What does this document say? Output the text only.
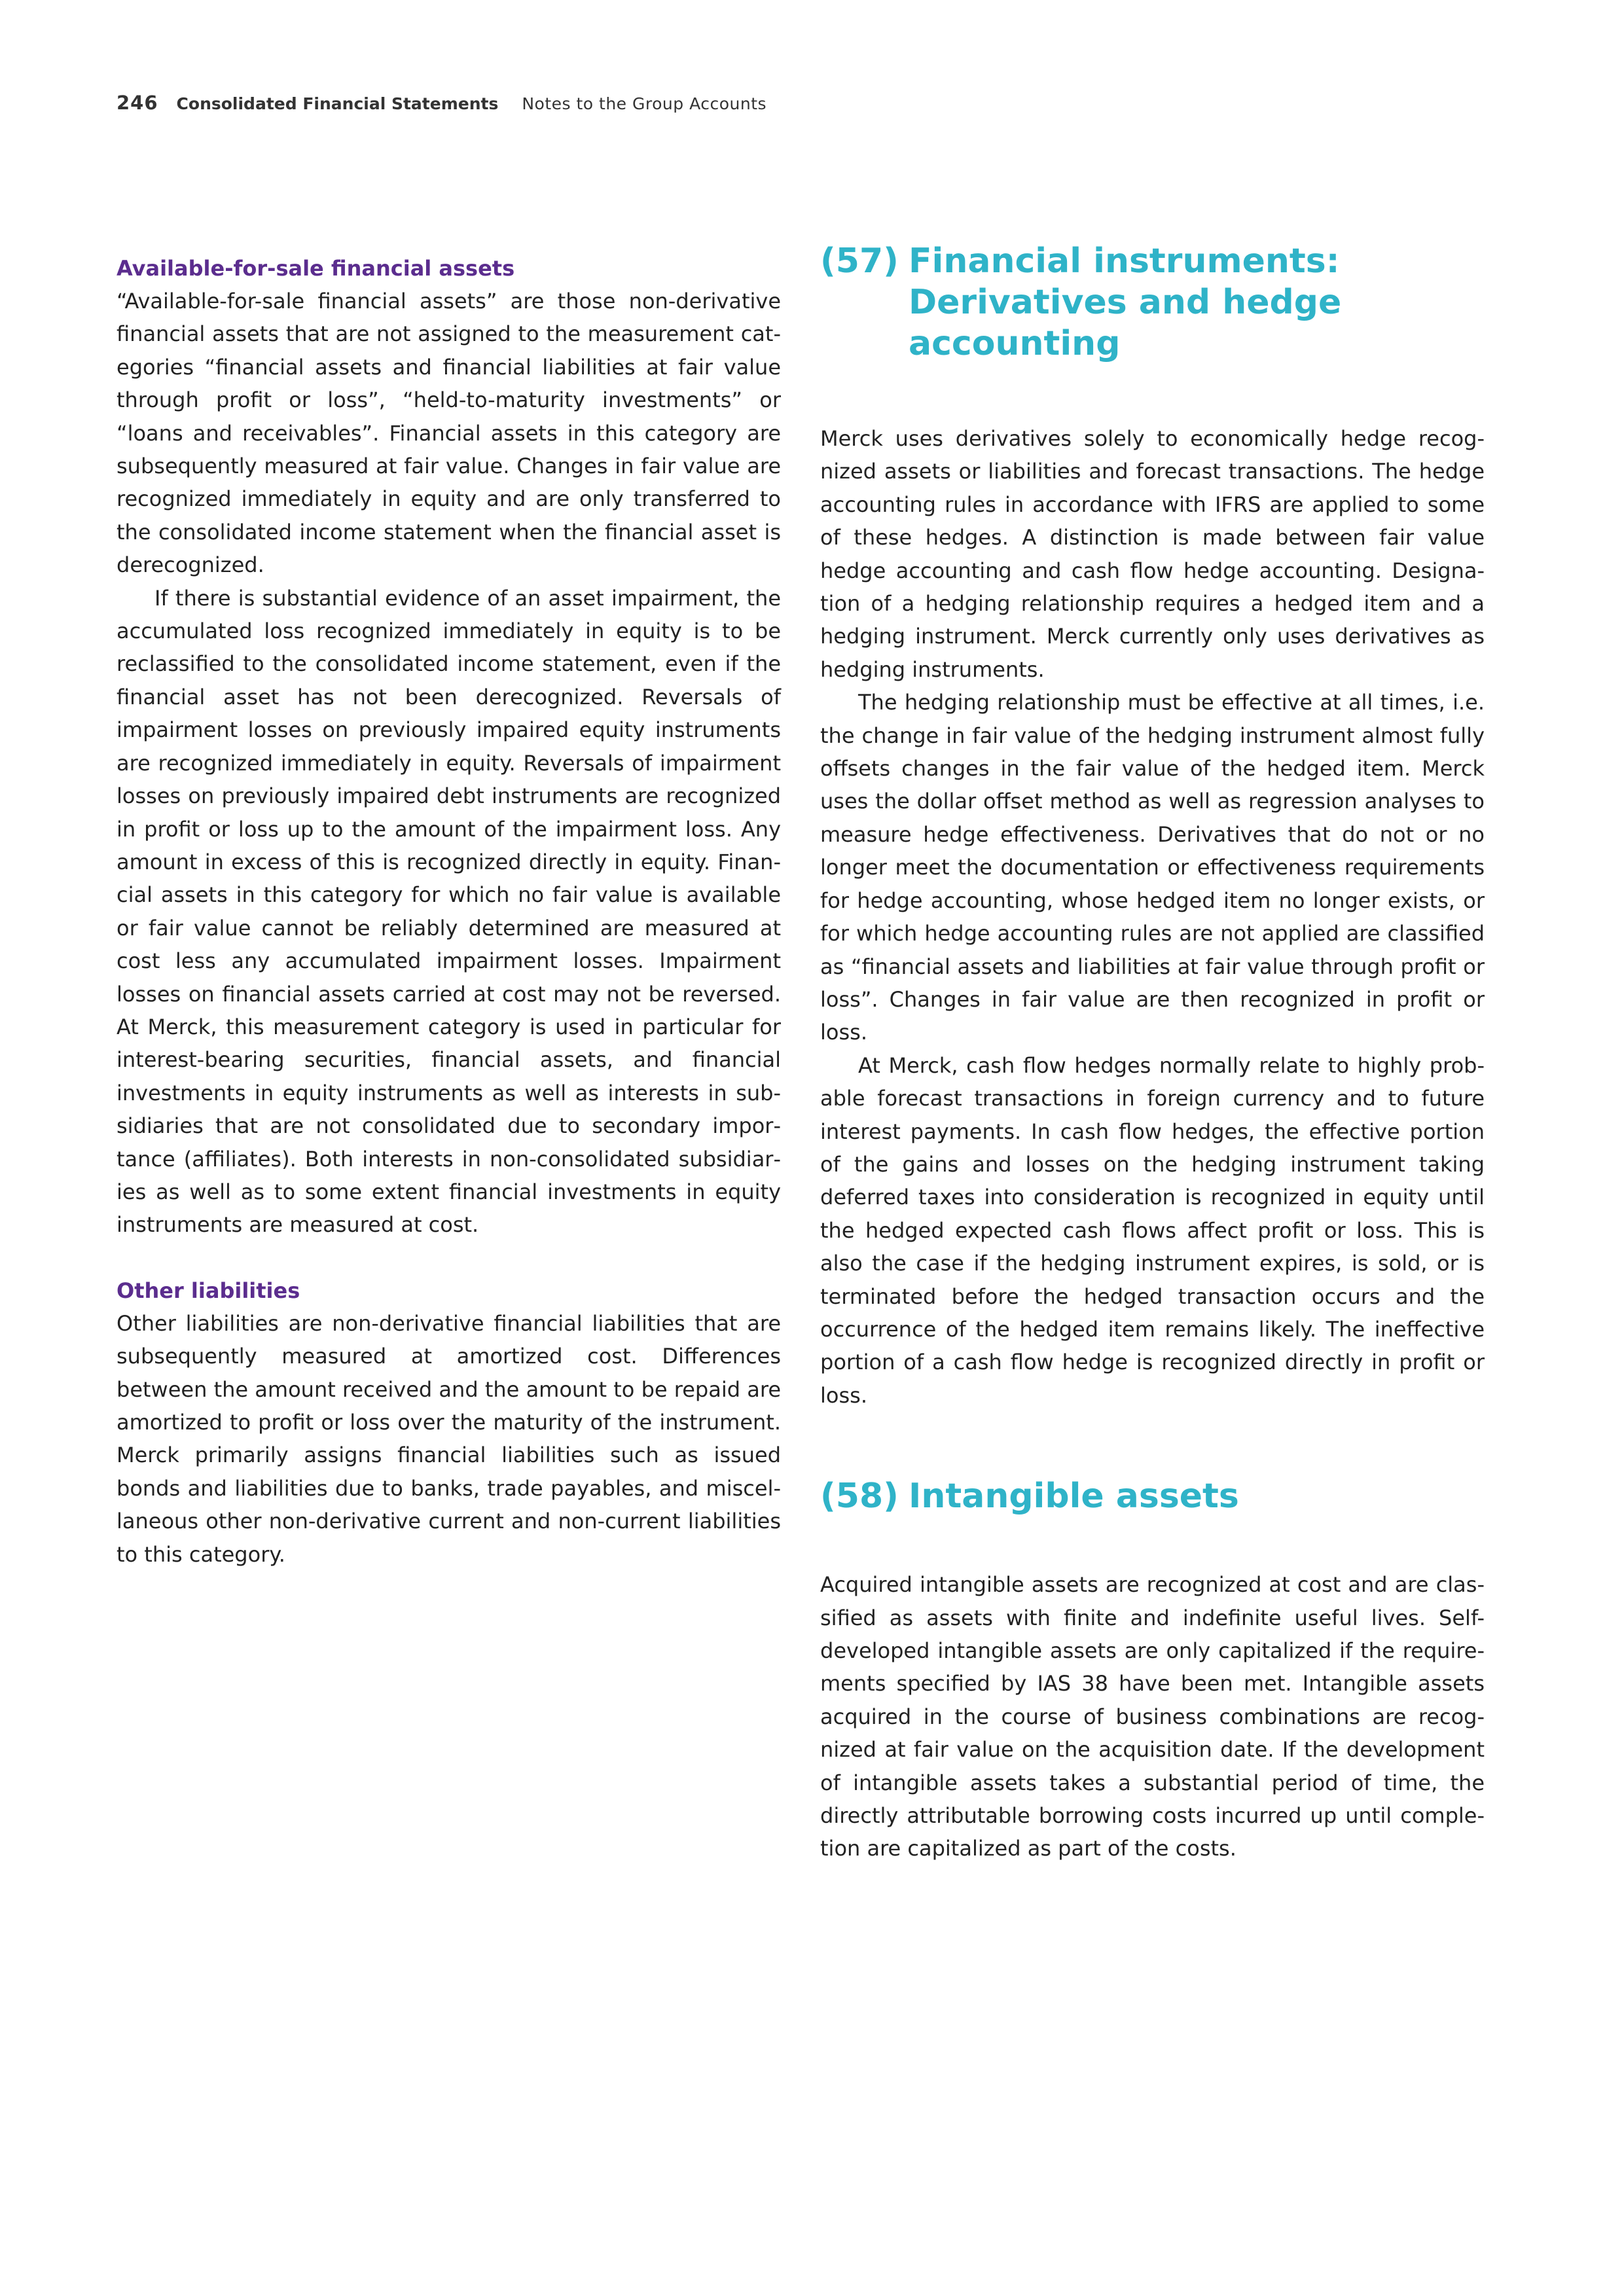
246 Consolidated Financial Statements Notes to the Group Accounts
Available-for-sale financial assets

“Available-for-sale financial assets” are those non-derivative financial assets that are not assigned to the measurement categories “financial assets and financial liabilities at fair value through profit or loss”, “held-to-maturity investments” or “loans and receivables”. Financial assets in this category are subsequently measured at fair value. Changes in fair value are recognized immediately in equity and are only transferred to the consolidated income statement when the financial asset is derecognized.

If there is substantial evidence of an asset impairment, the accumulated loss recognized immediately in equity is to be reclassified to the consolidated income statement, even if the financial asset has not been derecognized. Reversals of impairment losses on previously impaired equity instruments are recognized immediately in equity. Reversals of impairment losses on previously impaired debt instruments are recognized in profit or loss up to the amount of the impairment loss. Any amount in excess of this is recognized directly in equity. Financial assets in this category for which no fair value is available or fair value cannot be reliably determined are measured at cost less any accumulated impairment losses. Impairment losses on financial assets carried at cost may not be reversed. At Merck, this measurement category is used in particular for interest-bearing securities, financial assets, and financial investments in equity instruments as well as interests in subsidiaries that are not consolidated due to secondary importance (affiliates). Both interests in non-consolidated subsidiaries as well as to some extent financial investments in equity instruments are measured at cost.

Other liabilities

Other liabilities are non-derivative financial liabilities that are subsequently measured at amortized cost. Differences between the amount received and the amount to be repaid are amortized to profit or loss over the maturity of the instrument. Merck primarily assigns financial liabilities such as issued bonds and liabilities due to banks, trade payables, and miscellaneous other non-derivative current and non-current liabilities to this category.

(57) Financial instruments:
Derivatives and hedge
accounting

Merck uses derivatives solely to economically hedge recognized assets or liabilities and forecast transactions. The hedge accounting rules in accordance with IFRS are applied to some of these hedges. A distinction is made between fair value hedge accounting and cash flow hedge accounting. Designation of a hedging relationship requires a hedged item and a hedging instrument. Merck currently only uses derivatives as hedging instruments.

The hedging relationship must be effective at all times, i.e. the change in fair value of the hedging instrument almost fully offsets changes in the fair value of the hedged item. Merck uses the dollar offset method as well as regression analyses to measure hedge effectiveness. Derivatives that do not or no longer meet the documentation or effectiveness requirements for hedge accounting, whose hedged item no longer exists, or for which hedge accounting rules are not applied are classified as “financial assets and liabilities at fair value through profit or loss”. Changes in fair value are then recognized in profit or loss.

At Merck, cash flow hedges normally relate to highly probable forecast transactions in foreign currency and to future interest payments. In cash flow hedges, the effective portion of the gains and losses on the hedging instrument taking deferred taxes into consideration is recognized in equity until the hedged expected cash flows affect profit or loss. This is also the case if the hedging instrument expires, is sold, or is terminated before the hedged transaction occurs and the occurrence of the hedged item remains likely. The ineffective portion of a cash flow hedge is recognized directly in profit or loss.

(58) Intangible assets

Acquired intangible assets are recognized at cost and are classified as assets with finite and indefinite useful lives. Self-developed intangible assets are only capitalized if the requirements specified by IAS 38 have been met. Intangible assets acquired in the course of business combinations are recognized at fair value on the acquisition date. If the development of intangible assets takes a substantial period of time, the directly attributable borrowing costs incurred up until completion are capitalized as part of the costs.
